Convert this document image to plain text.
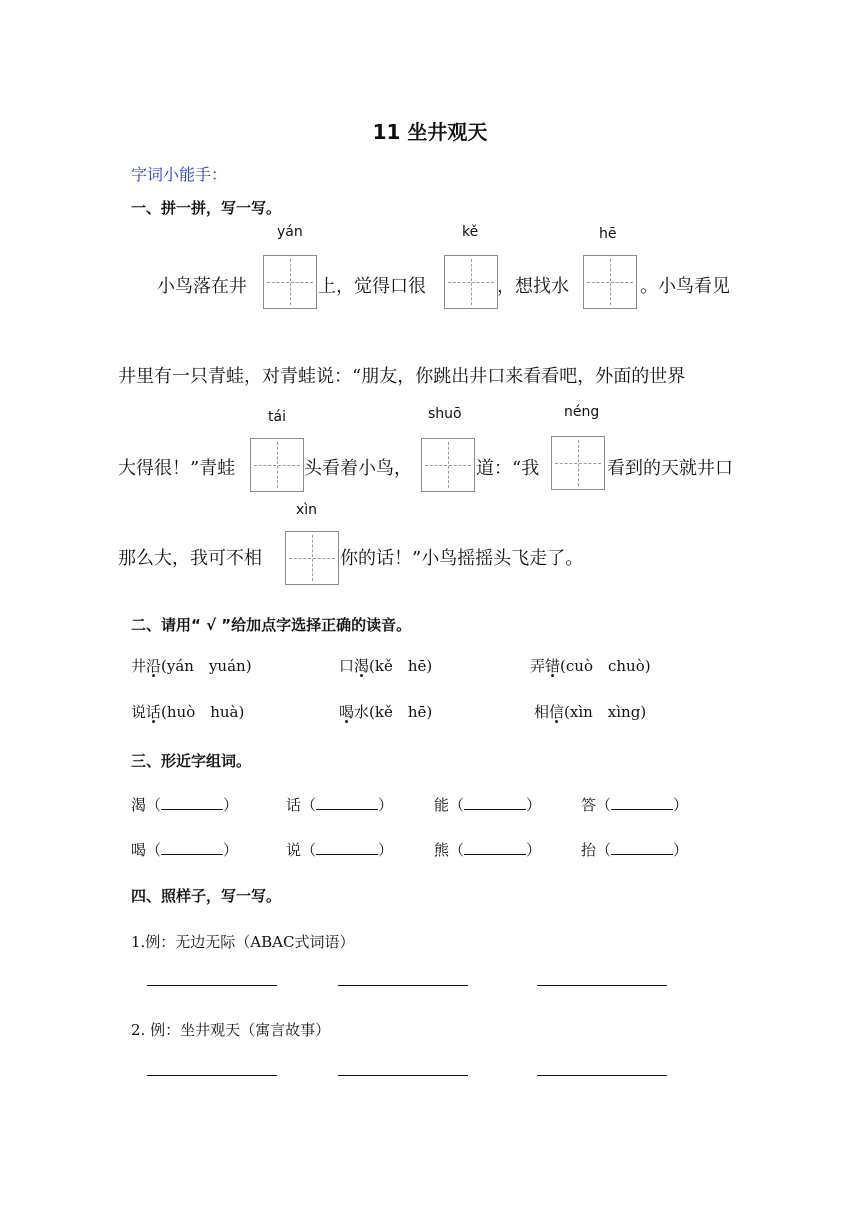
11 坐井观天
字词小能手：
一、拼一拼，写一写。
yán	kě	hē
tái	shuō	néng
xìn
小鸟落在井	上，觉得口很	，想找水	。小鸟看见
井里有一只青蛙，对青蛙说：“朋友，你跳出井口来看看吧，外面的世界
大得很！”青蛙	头看着小鸟，	道：“我	看到的天就井口
那么大，我可不相	你的话！”小鸟摇摇头飞走了。
二、请用“ √ ”给加点字选择正确的读音。
井沿(yán　yuán)	口渴(kě　hē)	弄错(cuò　chuò)
说话(huò　huà)	喝水(kě　hē)	相信(xìn　xìng)
三、形近字组词。
渴（	）	话（	）	能（	）	答（	）
喝（	）	说（	）	熊（	）	抬（	）
四、照样子，写一写。
1.例：无边无际（ABAC式词语）
2. 例：坐井观天（寓言故事）
